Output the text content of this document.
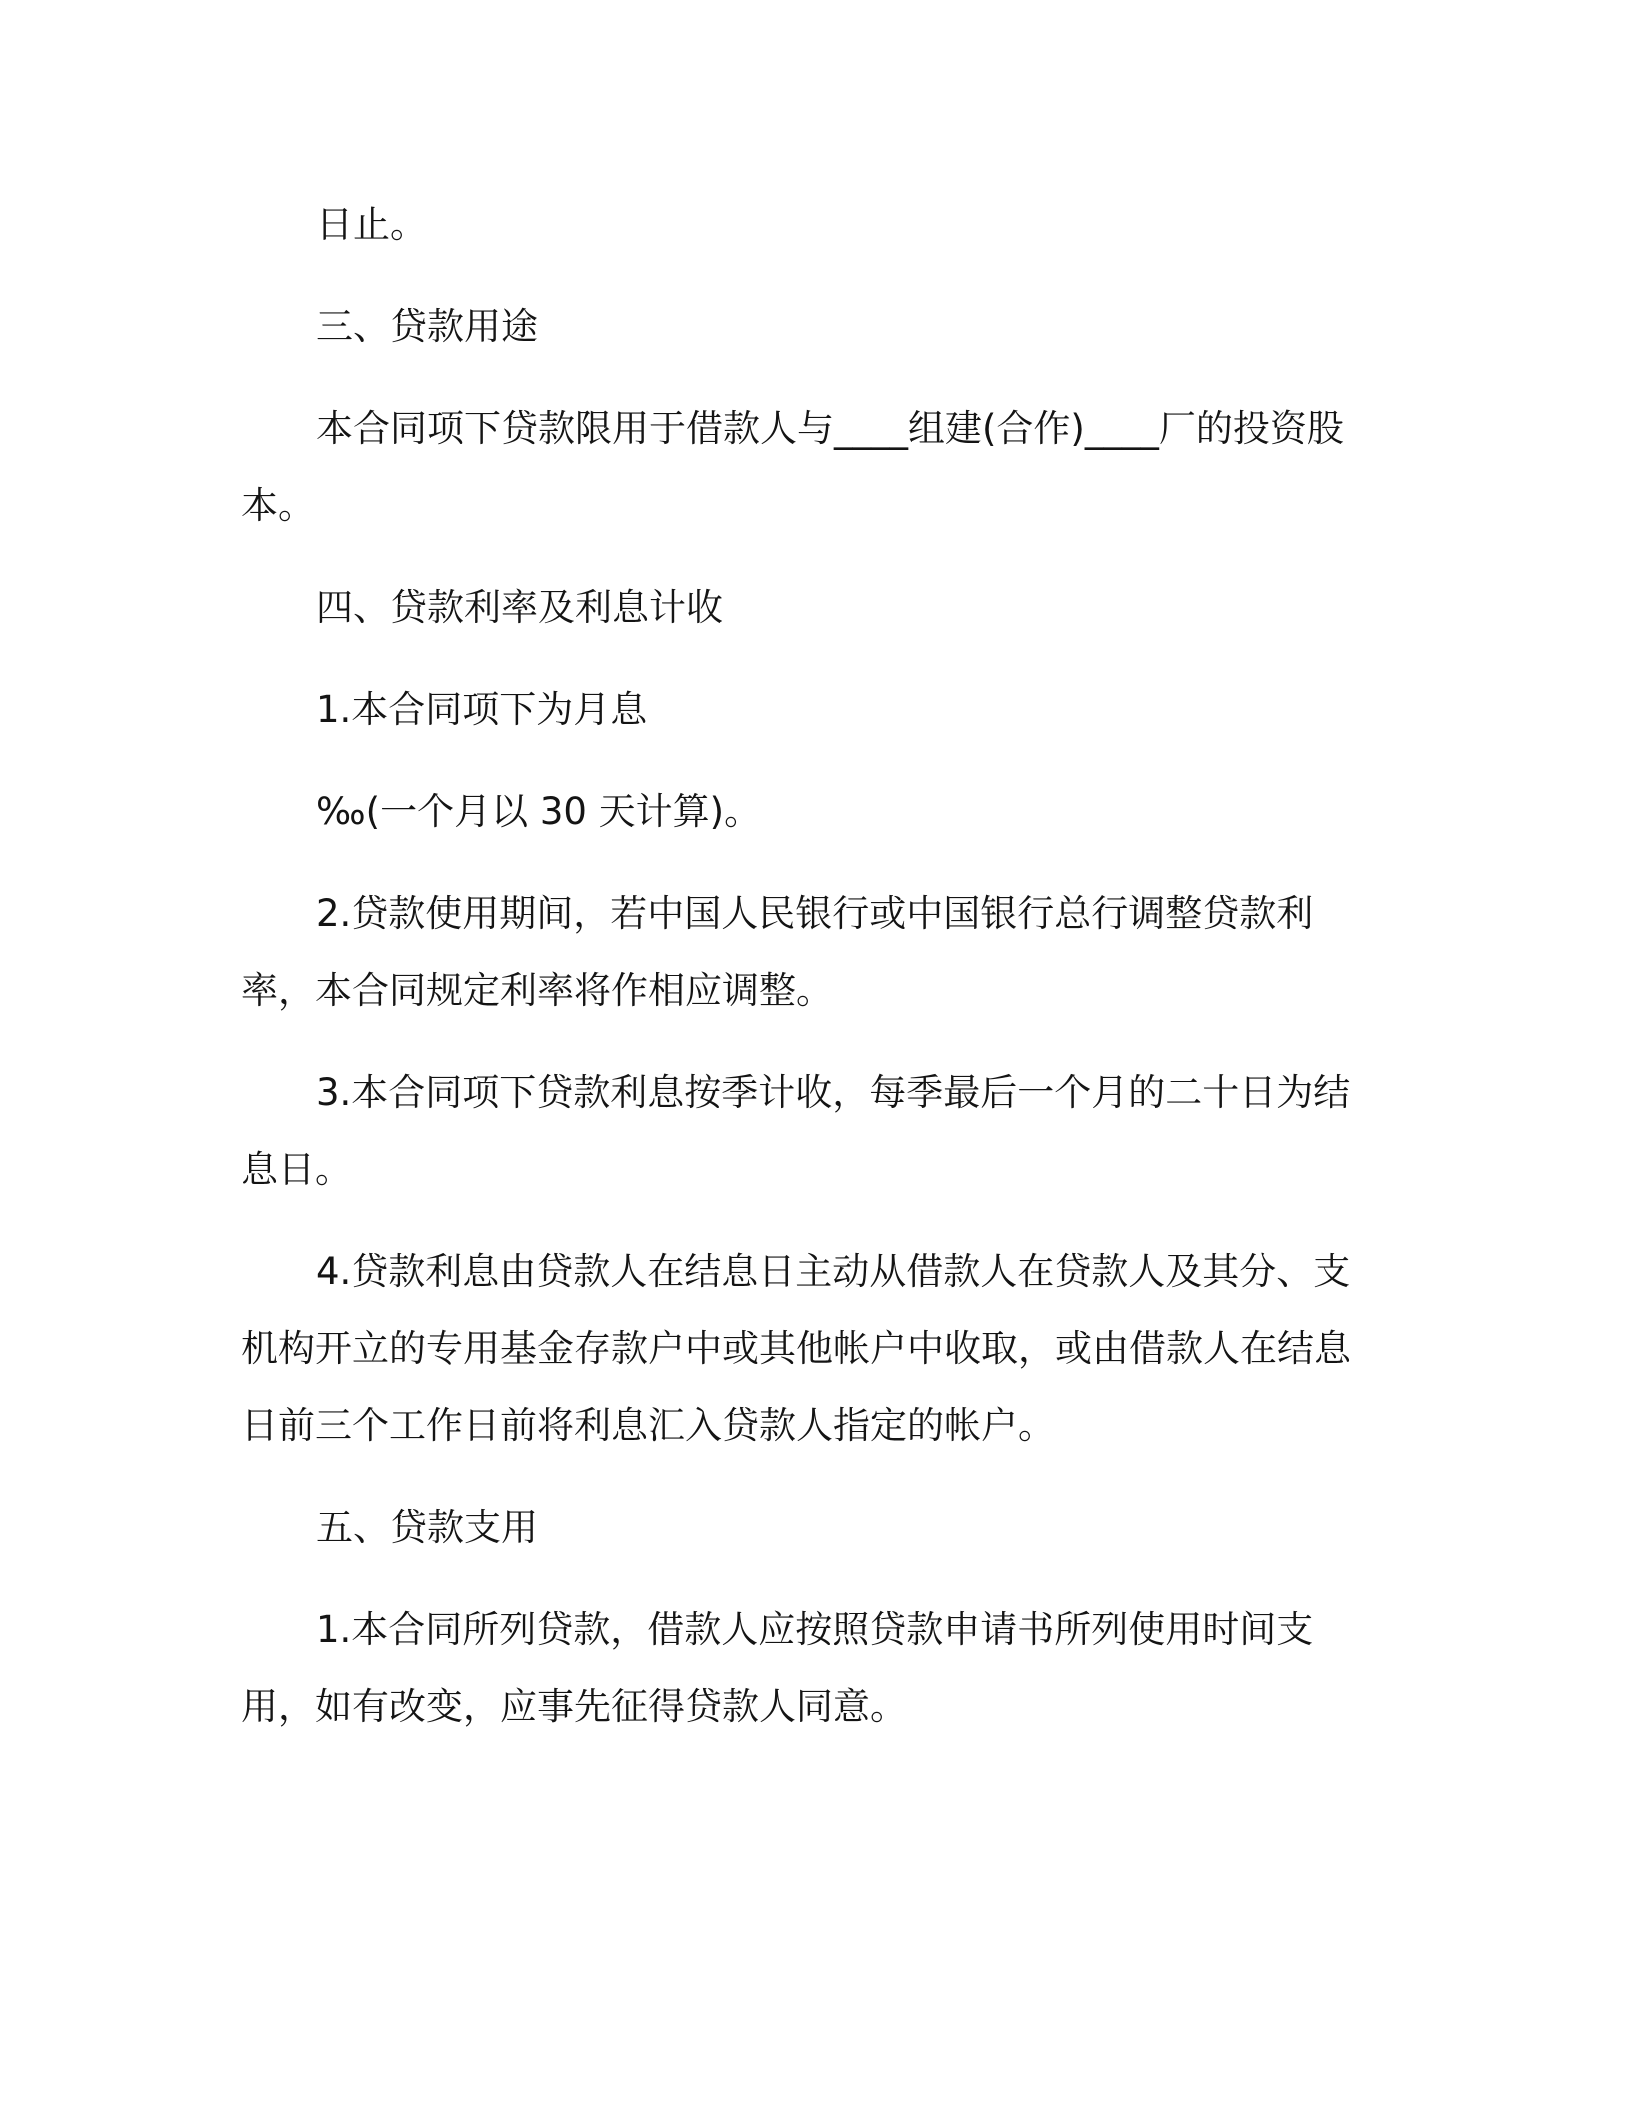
日止。

三、贷款用途

本合同项下贷款限用于借款人与____组建(合作)____厂的投资股本。

四、贷款利率及利息计收

1.本合同项下为月息

‰(一个月以 30 天计算)。

2.贷款使用期间，若中国人民银行或中国银行总行调整贷款利率，本合同规定利率将作相应调整。

3.本合同项下贷款利息按季计收，每季最后一个月的二十日为结息日。

4.贷款利息由贷款人在结息日主动从借款人在贷款人及其分、支机构开立的专用基金存款户中或其他帐户中收取，或由借款人在结息日前三个工作日前将利息汇入贷款人指定的帐户。

五、贷款支用

1.本合同所列贷款，借款人应按照贷款申请书所列使用时间支用，如有改变，应事先征得贷款人同意。
